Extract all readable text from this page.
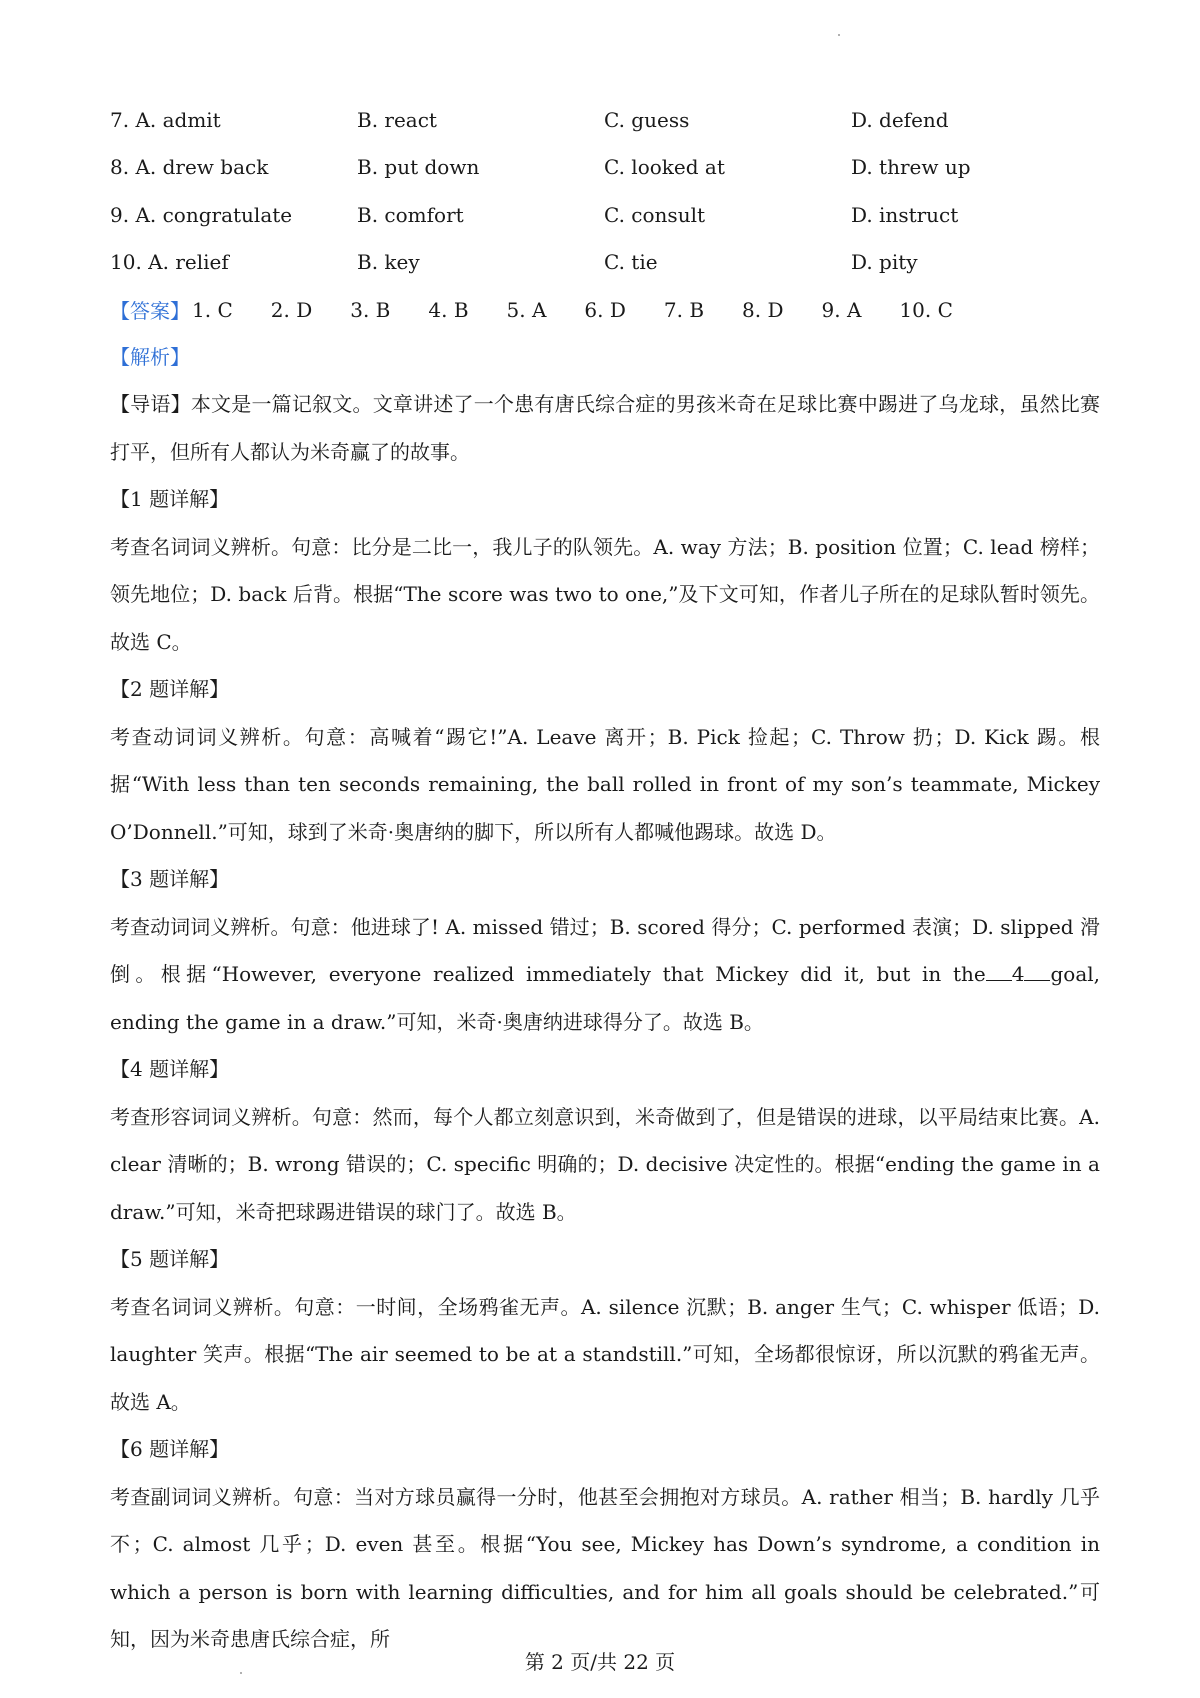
7. A. admit	B. react	C. guess	D. defend
8. A. drew back	B. put down	C. looked at	D. threw up
9. A. congratulate	B. comfort	C. consult	D. instruct
10. A. relief	B. key	C. tie	D. pity
【答案】 1. C 2. D 3. B 4. B 5. A 6. D 7. B 8. D 9. A 10. C
【解析】
【导语】本文是一篇记叙文。文章讲述了一个患有唐氏综合症的男孩米奇在足球比赛中踢进了乌龙球，虽然比赛打平，但所有人都认为米奇赢了的故事。
【1 题详解】
考查名词词义辨析。句意：比分是二比一，我儿子的队领先。A. way 方法；B. position 位置；C. lead 榜样；领先地位；D. back 后背。根据“The score was two to one,”及下文可知，作者儿子所在的足球队暂时领先。故选 C。
【2 题详解】
考查动词词义辨析。句意：高喊着“踢它!”A. Leave 离开；B. Pick 捡起；C. Throw 扔；D. Kick 踢。根据“With less than ten seconds remaining, the ball rolled in front of my son’s teammate, Mickey O’Donnell.”可知，球到了米奇·奥唐纳的脚下，所以所有人都喊他踢球。故选 D。
【3 题详解】
考查动词词义辨析。句意：他进球了! A. missed 错过；B. scored 得分；C. performed 表演；D. slipped 滑倒。根据“However, everyone realized immediately that Mickey did it, but in the 4 goal, ending the game in a draw.”可知，米奇·奥唐纳进球得分了。故选 B。
【4 题详解】
考查形容词词义辨析。句意：然而，每个人都立刻意识到，米奇做到了，但是错误的进球，以平局结束比赛。A. clear 清晰的；B. wrong 错误的；C. specific 明确的；D. decisive 决定性的。根据“ending the game in a draw.”可知，米奇把球踢进错误的球门了。故选 B。
【5 题详解】
考查名词词义辨析。句意：一时间，全场鸦雀无声。A. silence 沉默；B. anger 生气；C. whisper 低语；D. laughter 笑声。根据“The air seemed to be at a standstill.”可知，全场都很惊讶，所以沉默的鸦雀无声。故选 A。
【6 题详解】
考查副词词义辨析。句意：当对方球员赢得一分时，他甚至会拥抱对方球员。A. rather 相当；B. hardly 几乎不；C. almost 几乎；D. even 甚至。根据“You see, Mickey has Down’s syndrome, a condition in which a person is born with learning difficulties, and for him all goals should be celebrated.”可知，因为米奇患唐氏综合症，所
第 2 页/共 22 页
